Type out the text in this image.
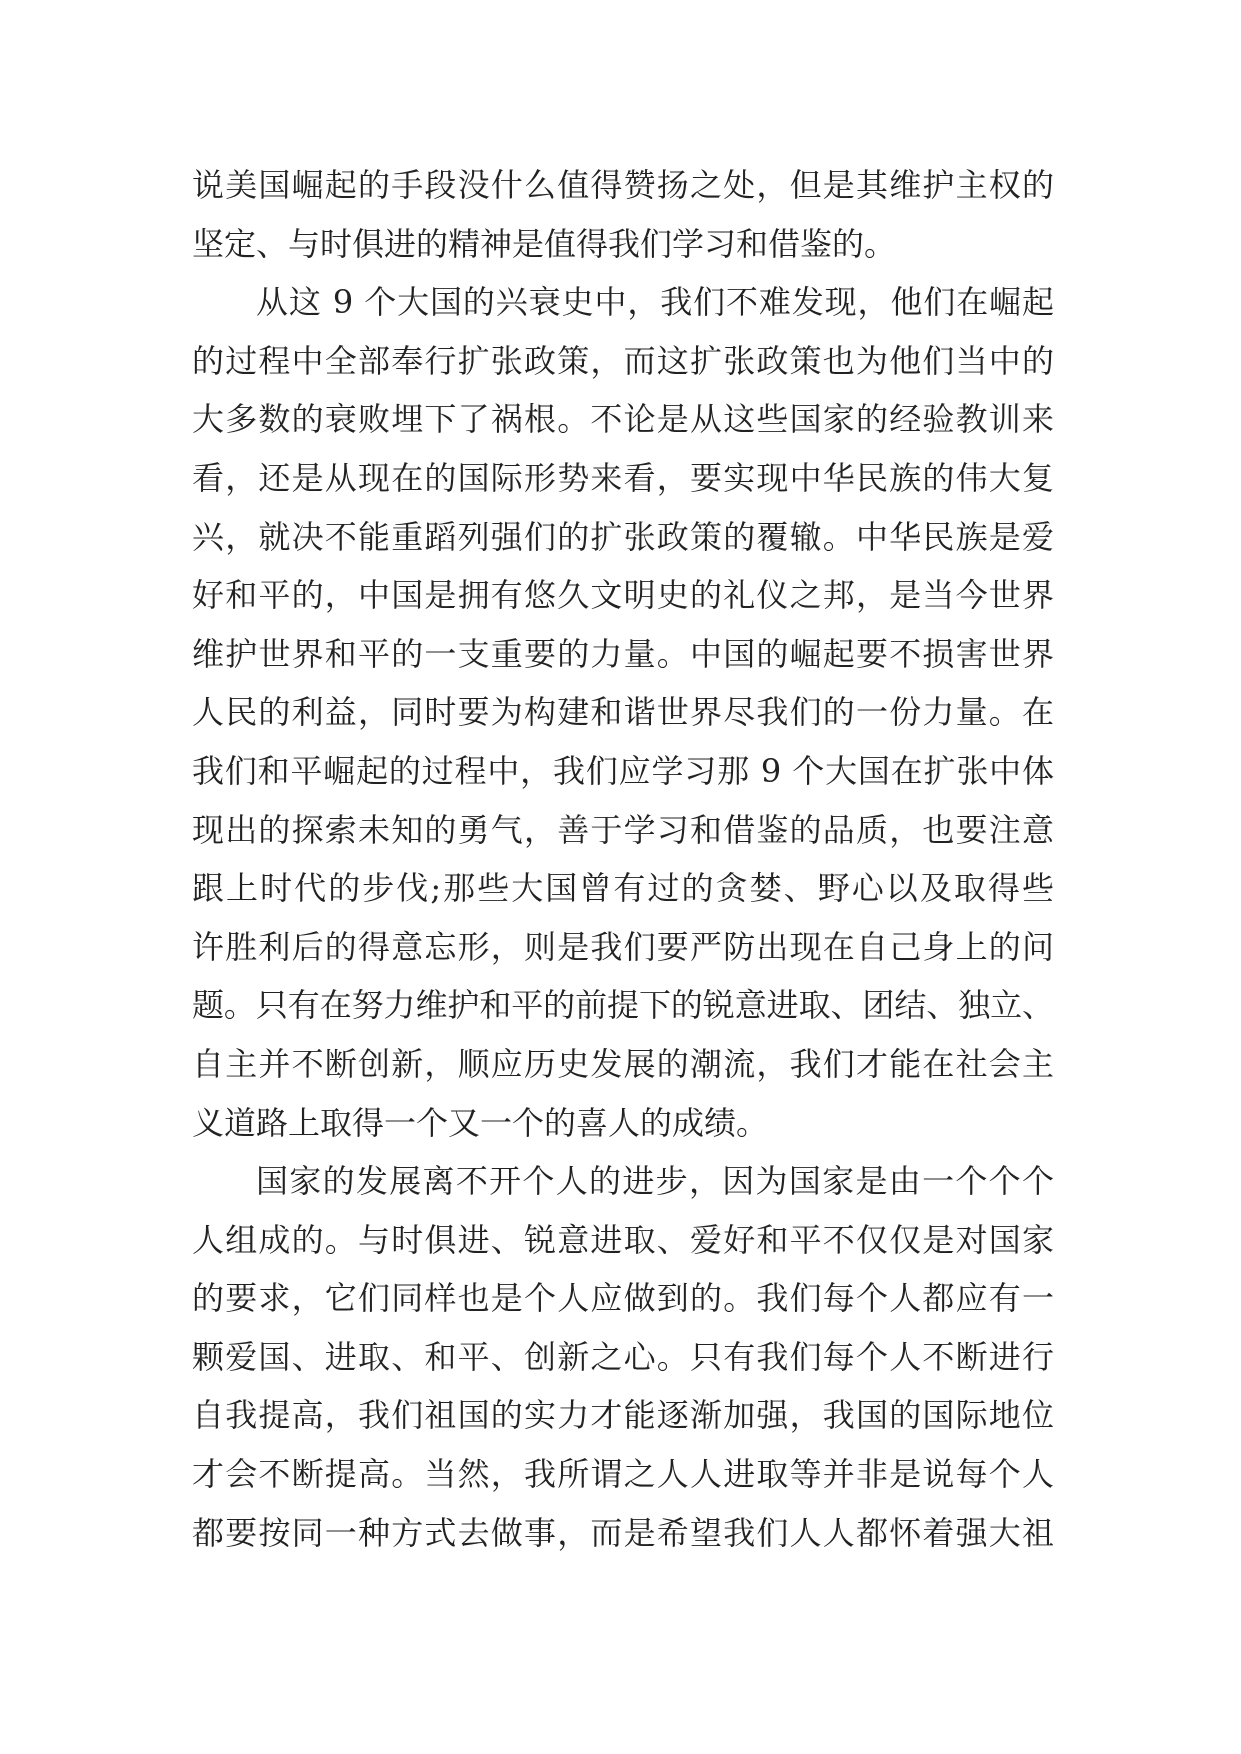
说美国崛起的手段没什么值得赞扬之处，但是其维护主权的
坚定、与时俱进的精神是值得我们学习和借鉴的。
从这 9 个大国的兴衰史中，我们不难发现，他们在崛起
的过程中全部奉行扩张政策，而这扩张政策也为他们当中的
大多数的衰败埋下了祸根。不论是从这些国家的经验教训来
看，还是从现在的国际形势来看，要实现中华民族的伟大复
兴，就决不能重蹈列强们的扩张政策的覆辙。中华民族是爱
好和平的，中国是拥有悠久文明史的礼仪之邦，是当今世界
维护世界和平的一支重要的力量。中国的崛起要不损害世界
人民的利益，同时要为构建和谐世界尽我们的一份力量。在
我们和平崛起的过程中，我们应学习那 9 个大国在扩张中体
现出的探索未知的勇气，善于学习和借鉴的品质，也要注意
跟上时代的步伐;那些大国曾有过的贪婪、野心以及取得些
许胜利后的得意忘形，则是我们要严防出现在自己身上的问
题。只有在努力维护和平的前提下的锐意进取、团结、独立、
自主并不断创新，顺应历史发展的潮流，我们才能在社会主
义道路上取得一个又一个的喜人的成绩。
国家的发展离不开个人的进步，因为国家是由一个个个
人组成的。与时俱进、锐意进取、爱好和平不仅仅是对国家
的要求，它们同样也是个人应做到的。我们每个人都应有一
颗爱国、进取、和平、创新之心。只有我们每个人不断进行
自我提高，我们祖国的实力才能逐渐加强，我国的国际地位
才会不断提高。当然，我所谓之人人进取等并非是说每个人
都要按同一种方式去做事，而是希望我们人人都怀着强大祖
